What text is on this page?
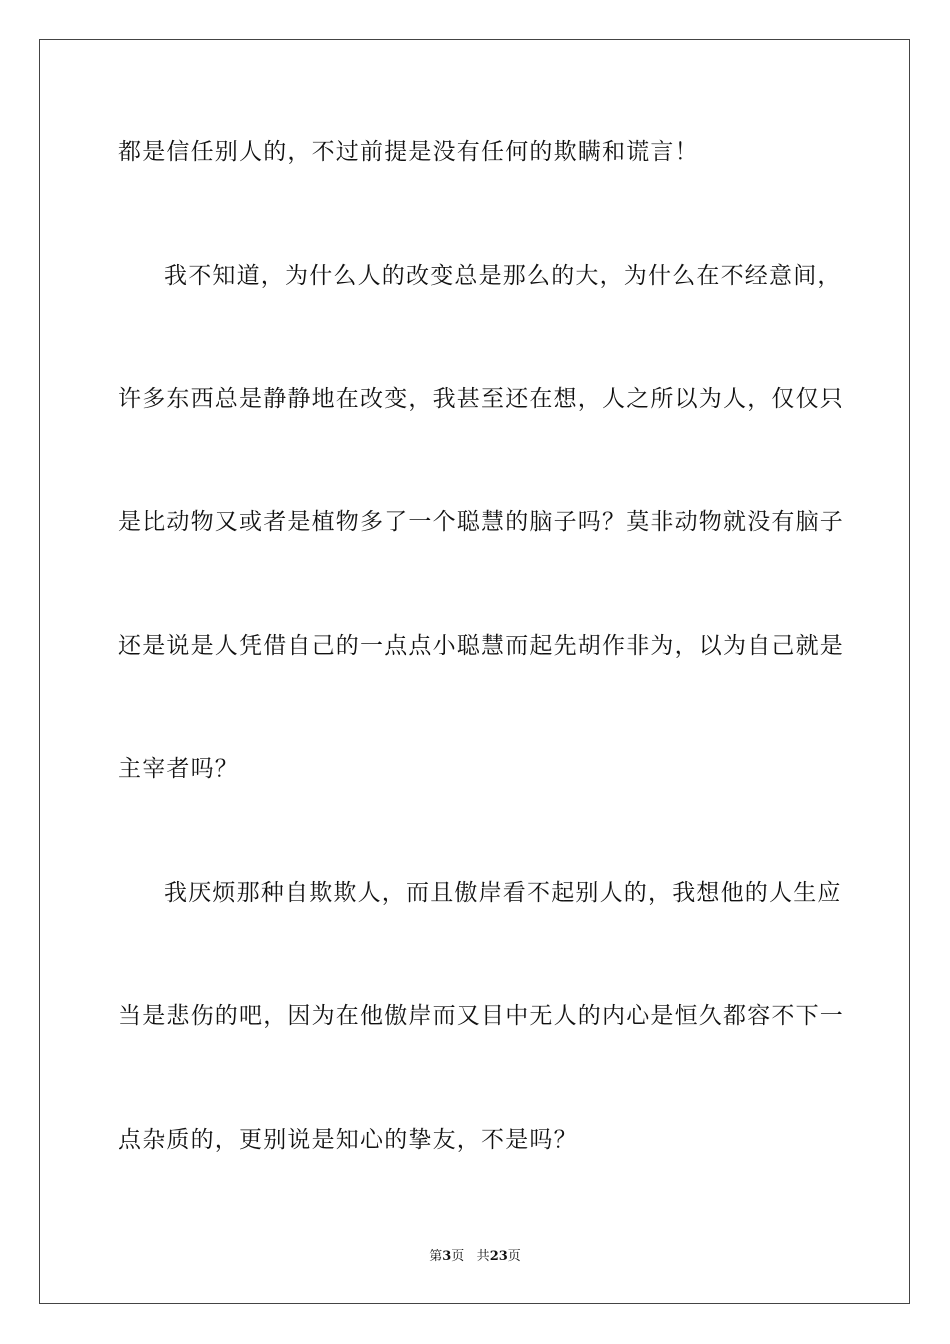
都是信任别人的，不过前提是没有任何的欺瞒和谎言！
我不知道，为什么人的改变总是那么的大，为什么在不经意间，
许多东西总是静静地在改变，我甚至还在想，人之所以为人，仅仅只
是比动物又或者是植物多了一个聪慧的脑子吗？莫非动物就没有脑子
还是说是人凭借自己的一点点小聪慧而起先胡作非为，以为自己就是
主宰者吗？
我厌烦那种自欺欺人，而且傲岸看不起别人的，我想他的人生应
当是悲伤的吧，因为在他傲岸而又目中无人的内心是恒久都容不下一
点杂质的，更别说是知心的挚友，不是吗？
第3页 共23页
